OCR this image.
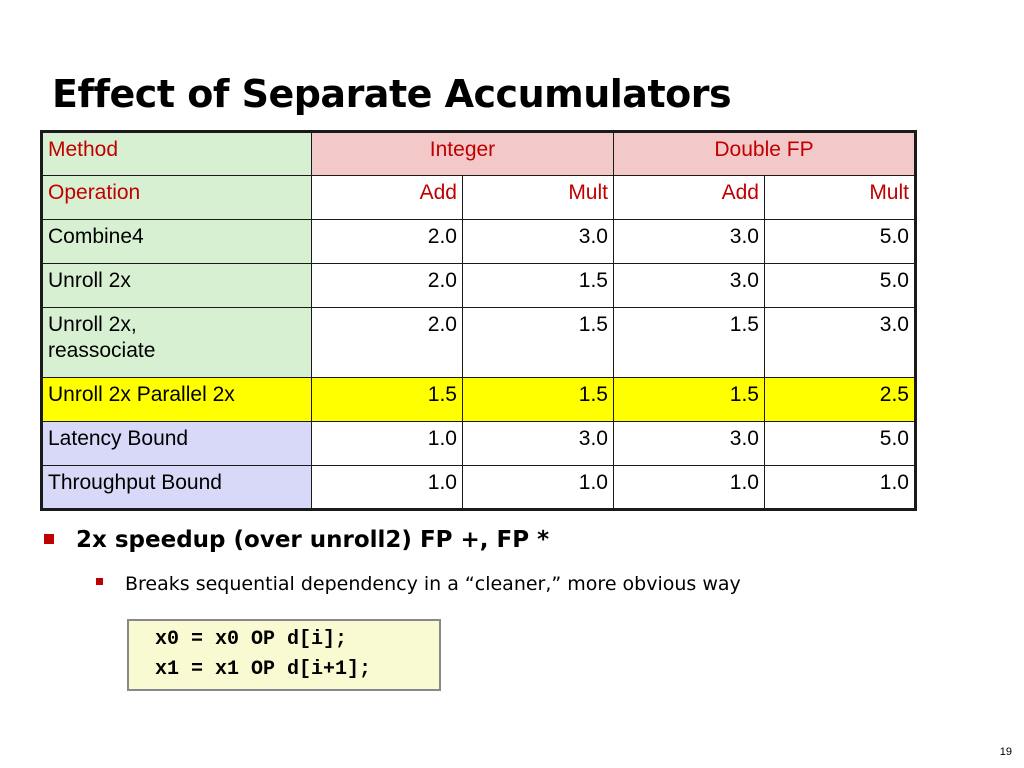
Effect of Separate Accumulators
Method	Integer		Double FP	
Operation	Add	Mult	Add	Mult
Combine4	2.0	3.0	3.0	5.0
Unroll 2x	2.0	1.5	3.0	5.0
Unroll 2x,
reassociate	2.0	1.5	1.5	3.0
Unroll 2x Parallel 2x	1.5	1.5	1.5	2.5
Latency Bound	1.0	3.0	3.0	5.0
Throughput Bound	1.0	1.0	1.0	1.0
2x speedup (over unroll2) FP +, FP *
Breaks sequential dependency in a “cleaner,” more obvious way
x0 = x0 OP d[i];
x1 = x1 OP d[i+1];
19
